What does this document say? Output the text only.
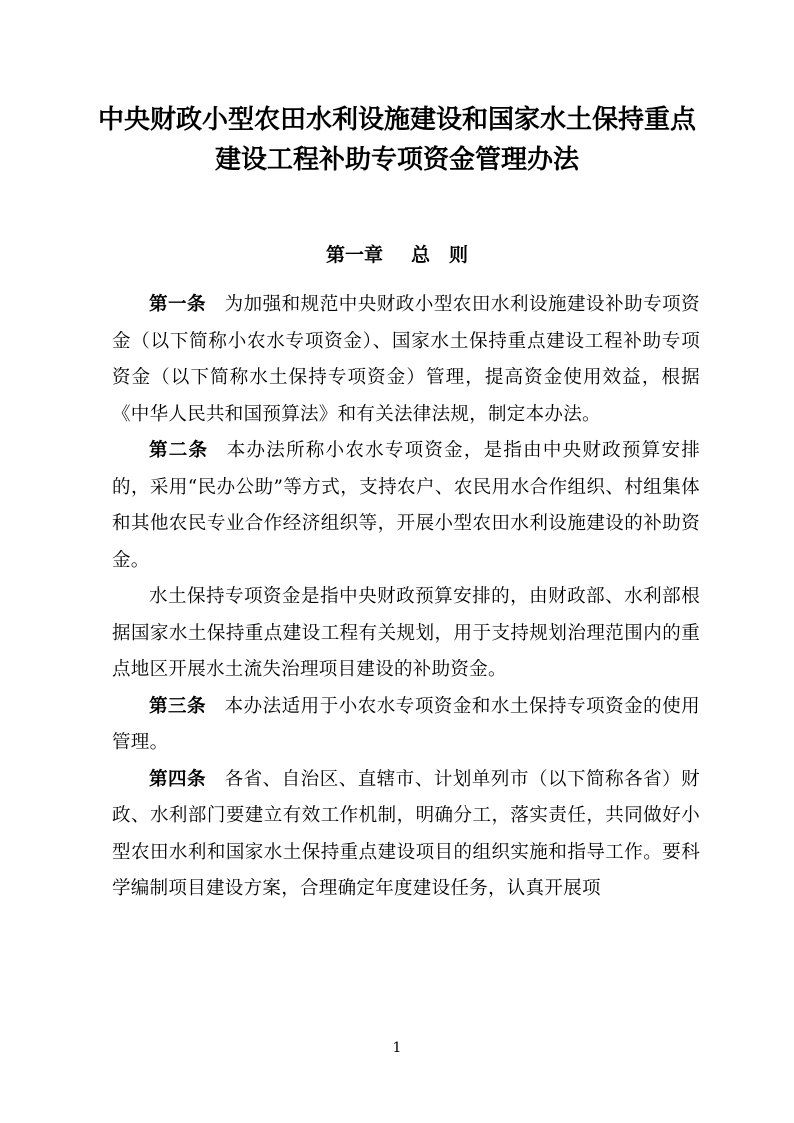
中央财政小型农田水利设施建设和国家水土保持重点
建设工程补助专项资金管理办法
第一章 总　则

第一条 为加强和规范中央财政小型农田水利设施建设补助专项资金（以下简称小农水专项资金）、国家水土保持重点建设工程补助专项资金（以下简称水土保持专项资金）管理，提高资金使用效益，根据《中华人民共和国预算法》和有关法律法规，制定本办法。

第二条 本办法所称小农水专项资金，是指由中央财政预算安排的，采用“民办公助”等方式，支持农户、农民用水合作组织、村组集体和其他农民专业合作经济组织等，开展小型农田水利设施建设的补助资金。

水土保持专项资金是指中央财政预算安排的，由财政部、水利部根据国家水土保持重点建设工程有关规划，用于支持规划治理范围内的重点地区开展水土流失治理项目建设的补助资金。

第三条 本办法适用于小农水专项资金和水土保持专项资金的使用管理。

第四条 各省、自治区、直辖市、计划单列市（以下简称各省）财政、水利部门要建立有效工作机制，明确分工，落实责任，共同做好小型农田水利和国家水土保持重点建设项目的组织实施和指导工作。要科学编制项目建设方案，合理确定年度建设任务，认真开展项

1
